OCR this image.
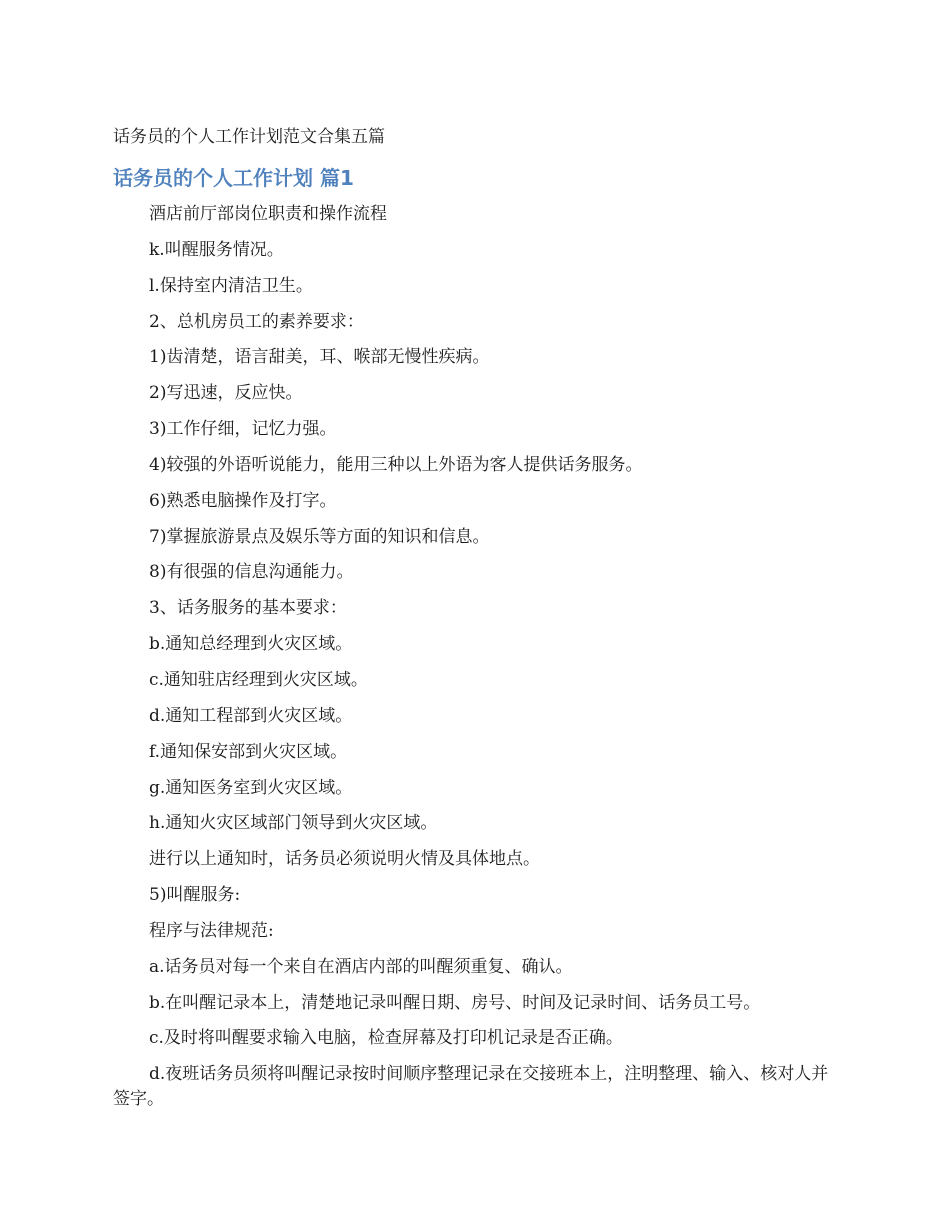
话务员的个人工作计划范文合集五篇
话务员的个人工作计划 篇1

酒店前厅部岗位职责和操作流程

k.叫醒服务情况。

l.保持室内清洁卫生。

2、总机房员工的素养要求：

1)齿清楚，语言甜美，耳、喉部无慢性疾病。

2)写迅速，反应快。

3)工作仔细，记忆力强。

4)较强的外语听说能力，能用三种以上外语为客人提供话务服务。

6)熟悉电脑操作及打字。

7)掌握旅游景点及娱乐等方面的知识和信息。

8)有很强的信息沟通能力。

3、话务服务的基本要求：

b.通知总经理到火灾区域。

c.通知驻店经理到火灾区域。

d.通知工程部到火灾区域。

f.通知保安部到火灾区域。

g.通知医务室到火灾区域。

h.通知火灾区域部门领导到火灾区域。

进行以上通知时，话务员必须说明火情及具体地点。

5)叫醒服务:

程序与法律规范:

a.话务员对每一个来自在酒店内部的叫醒须重复、确认。

b.在叫醒记录本上，清楚地记录叫醒日期、房号、时间及记录时间、话务员工号。

c.及时将叫醒要求输入电脑，检查屏幕及打印机记录是否正确。

d.夜班话务员须将叫醒记录按时间顺序整理记录在交接班本上，注明整理、输入、核对人并签字。
